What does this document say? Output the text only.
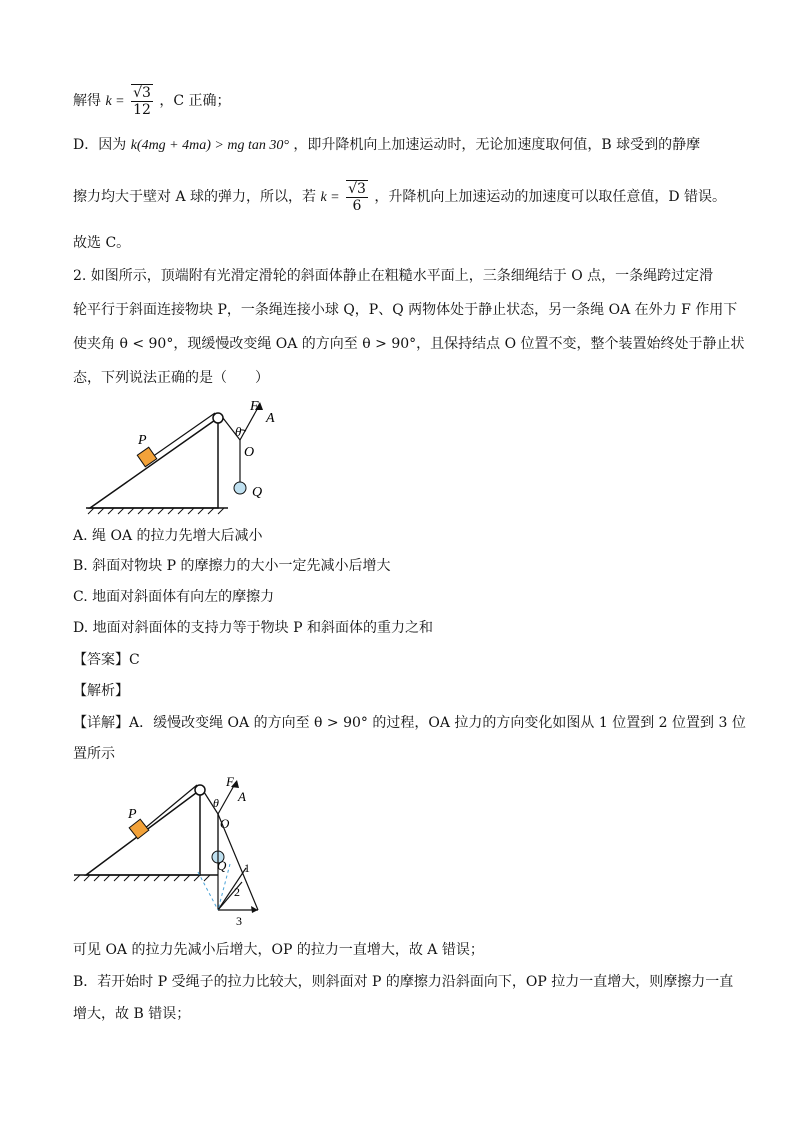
解得 $k = \frac{√3}{12}$ ，C 正确；
D．因为 k(4mg + 4ma) > mg tan 30° ，即升降机向上加速运动时，无论加速度取何值，B 球受到的静摩
擦力均大于壁对 A 球的弹力，所以，若 $k = \frac{√3}{6}$ ，升降机向上加速运动的加速度可以取任意值，D 错误。
故选 C。
2. 如图所示，顶端附有光滑定滑轮的斜面体静止在粗糙水平面上，三条细绳结于 O 点，一条绳跨过定滑
轮平行于斜面连接物块 P，一条绳连接小球 Q，P、Q 两物体处于静止状态，另一条绳 OA 在外力 F 作用下
使夹角 θ < 90°，现缓慢改变绳 OA 的方向至 θ > 90°，且保持结点 O 位置不变，整个装置始终处于静止状
态，下列说法正确的是（　　）
P
Q
F
A
θ
O
A. 绳 OA 的拉力先增大后减小
B. 斜面对物块 P 的摩擦力的大小一定先减小后增大
C. 地面对斜面体有向左的摩擦力
D. 地面对斜面体的支持力等于物块 P 和斜面体的重力之和
【答案】C
【解析】
【详解】A．缓慢改变绳 OA 的方向至 θ > 90° 的过程，OA 拉力的方向变化如图从 1 位置到 2 位置到 3 位
置所示
P
F
A
θ
O
Q 1
2
3
可见 OA 的拉力先减小后增大，OP 的拉力一直增大，故 A 错误；
B．若开始时 P 受绳子的拉力比较大，则斜面对 P 的摩擦力沿斜面向下，OP 拉力一直增大，则摩擦力一直
增大，故 B 错误；
